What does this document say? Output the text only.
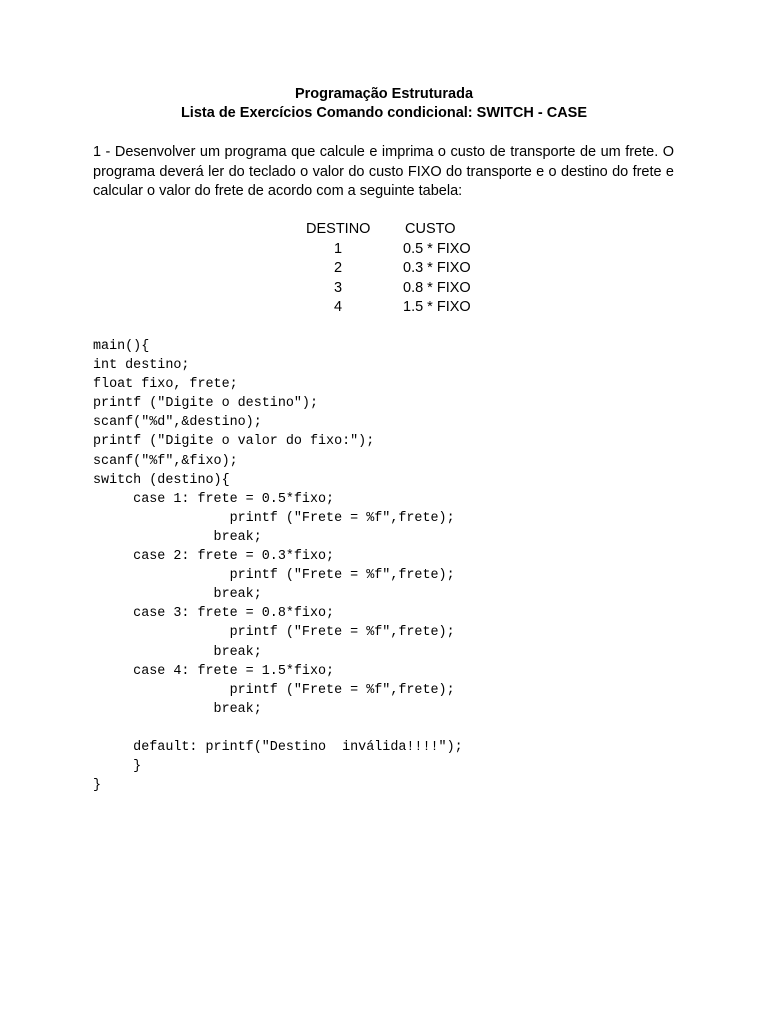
Programação Estruturada
Lista de Exercícios Comando condicional: SWITCH - CASE

1 - Desenvolver um programa que calcule e imprima o custo de transporte de um frete. O programa deverá ler do teclado o valor do custo FIXO do transporte e o destino do frete e calcular o valor do frete de acordo com a seguinte tabela:

DESTINO CUSTO
1	0.5 * FIXO
2	0.3 * FIXO
3	0.8 * FIXO
4	1.5 * FIXO
main(){
int destino;
float fixo, frete;
printf ("Digite o destino");
scanf("%d",&destino);
printf ("Digite o valor do fixo:");
scanf("%f",&fixo);
switch (destino){
case 1: frete = 0.5*fixo;
printf ("Frete = %f",frete);
break;
case 2: frete = 0.3*fixo;
printf ("Frete = %f",frete);
break;
case 3: frete = 0.8*fixo;
printf ("Frete = %f",frete);
break;
case 4: frete = 1.5*fixo;
printf ("Frete = %f",frete);
break;
default: printf("Destino  inválida!!!!");
}
}
